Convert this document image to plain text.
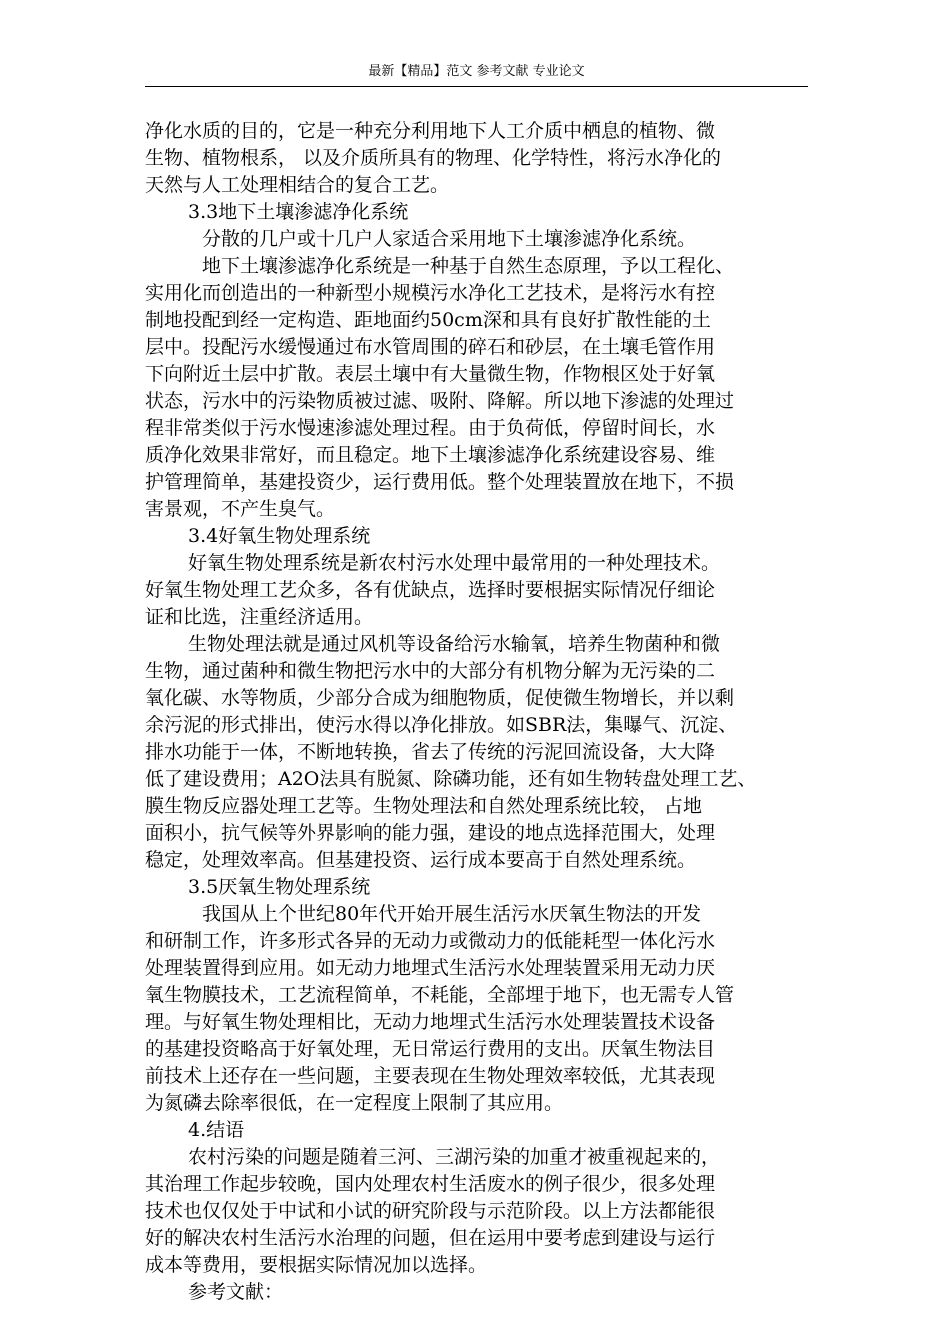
最新【精品】范文 参考文献 专业论文
净化水质的目的，它是一种充分利用地下人工介质中栖息的植物、微
生物、植物根系， 以及介质所具有的物理、化学特性，将污水净化的
天然与人工处理相结合的复合工艺。
3.3地下土壤渗滤净化系统
分散的几户或十几户人家适合采用地下土壤渗滤净化系统。
地下土壤渗滤净化系统是一种基于自然生态原理，予以工程化、
实用化而创造出的一种新型小规模污水净化工艺技术，是将污水有控
制地投配到经一定构造、距地面约50cm深和具有良好扩散性能的土
层中。投配污水缓慢通过布水管周围的碎石和砂层，在土壤毛管作用
下向附近土层中扩散。表层土壤中有大量微生物，作物根区处于好氧
状态，污水中的污染物质被过滤、吸附、降解。所以地下渗滤的处理过
程非常类似于污水慢速渗滤处理过程。由于负荷低，停留时间长，水
质净化效果非常好，而且稳定。地下土壤渗滤净化系统建设容易、维
护管理简单，基建投资少，运行费用低。整个处理装置放在地下，不损
害景观，不产生臭气。
3.4好氧生物处理系统
好氧生物处理系统是新农村污水处理中最常用的一种处理技术。
好氧生物处理工艺众多，各有优缺点，选择时要根据实际情况仔细论
证和比选，注重经济适用。
生物处理法就是通过风机等设备给污水输氧，培养生物菌种和微
生物，通过菌种和微生物把污水中的大部分有机物分解为无污染的二
氧化碳、水等物质，少部分合成为细胞物质，促使微生物增长，并以剩
余污泥的形式排出，使污水得以净化排放。如SBR法，集曝气、沉淀、
排水功能于一体，不断地转换，省去了传统的污泥回流设备，大大降
低了建设费用；A2O法具有脱氮、除磷功能，还有如生物转盘处理工艺、
膜生物反应器处理工艺等。生物处理法和自然处理系统比较， 占地
面积小，抗气候等外界影响的能力强，建设的地点选择范围大，处理
稳定，处理效率高。但基建投资、运行成本要高于自然处理系统。
3.5厌氧生物处理系统
我国从上个世纪80年代开始开展生活污水厌氧生物法的开发
和研制工作，许多形式各异的无动力或微动力的低能耗型一体化污水
处理装置得到应用。如无动力地埋式生活污水处理装置采用无动力厌
氧生物膜技术，工艺流程简单，不耗能，全部埋于地下，也无需专人管
理。与好氧生物处理相比，无动力地埋式生活污水处理装置技术设备
的基建投资略高于好氧处理，无日常运行费用的支出。厌氧生物法目
前技术上还存在一些问题，主要表现在生物处理效率较低，尤其表现
为氮磷去除率很低，在一定程度上限制了其应用。
4.结语
农村污染的问题是随着三河、三湖污染的加重才被重视起来的，
其治理工作起步较晚，国内处理农村生活废水的例子很少，很多处理
技术也仅仅处于中试和小试的研究阶段与示范阶段。以上方法都能很
好的解决农村生活污水治理的问题，但在运用中要考虑到建设与运行
成本等费用，要根据实际情况加以选择。
参考文献：
